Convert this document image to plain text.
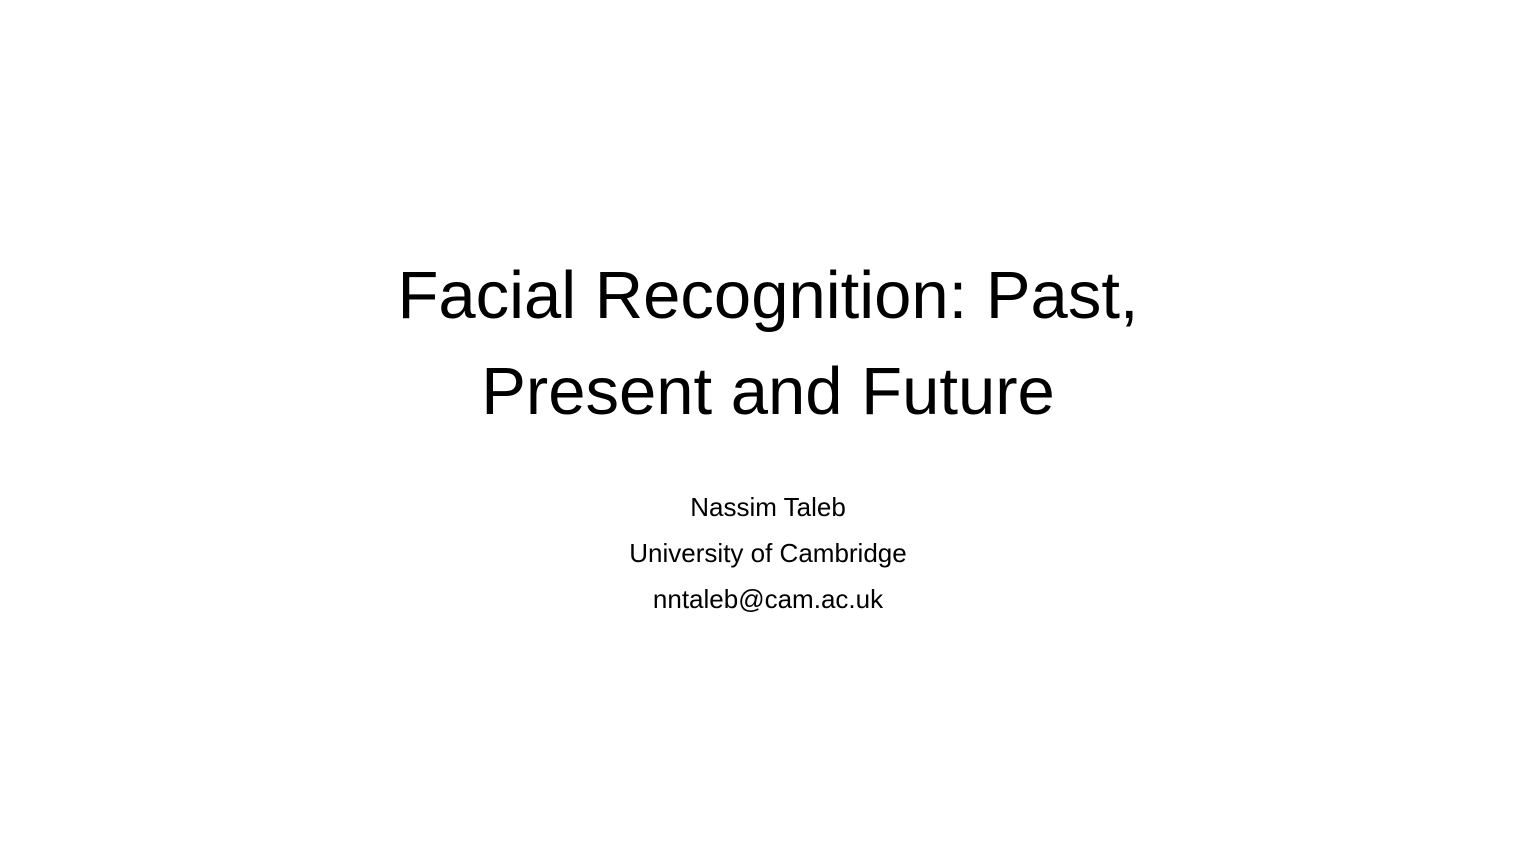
Facial Recognition: Past,
Present and Future
Nassim Taleb
University of Cambridge
nntaleb@cam.ac.uk
